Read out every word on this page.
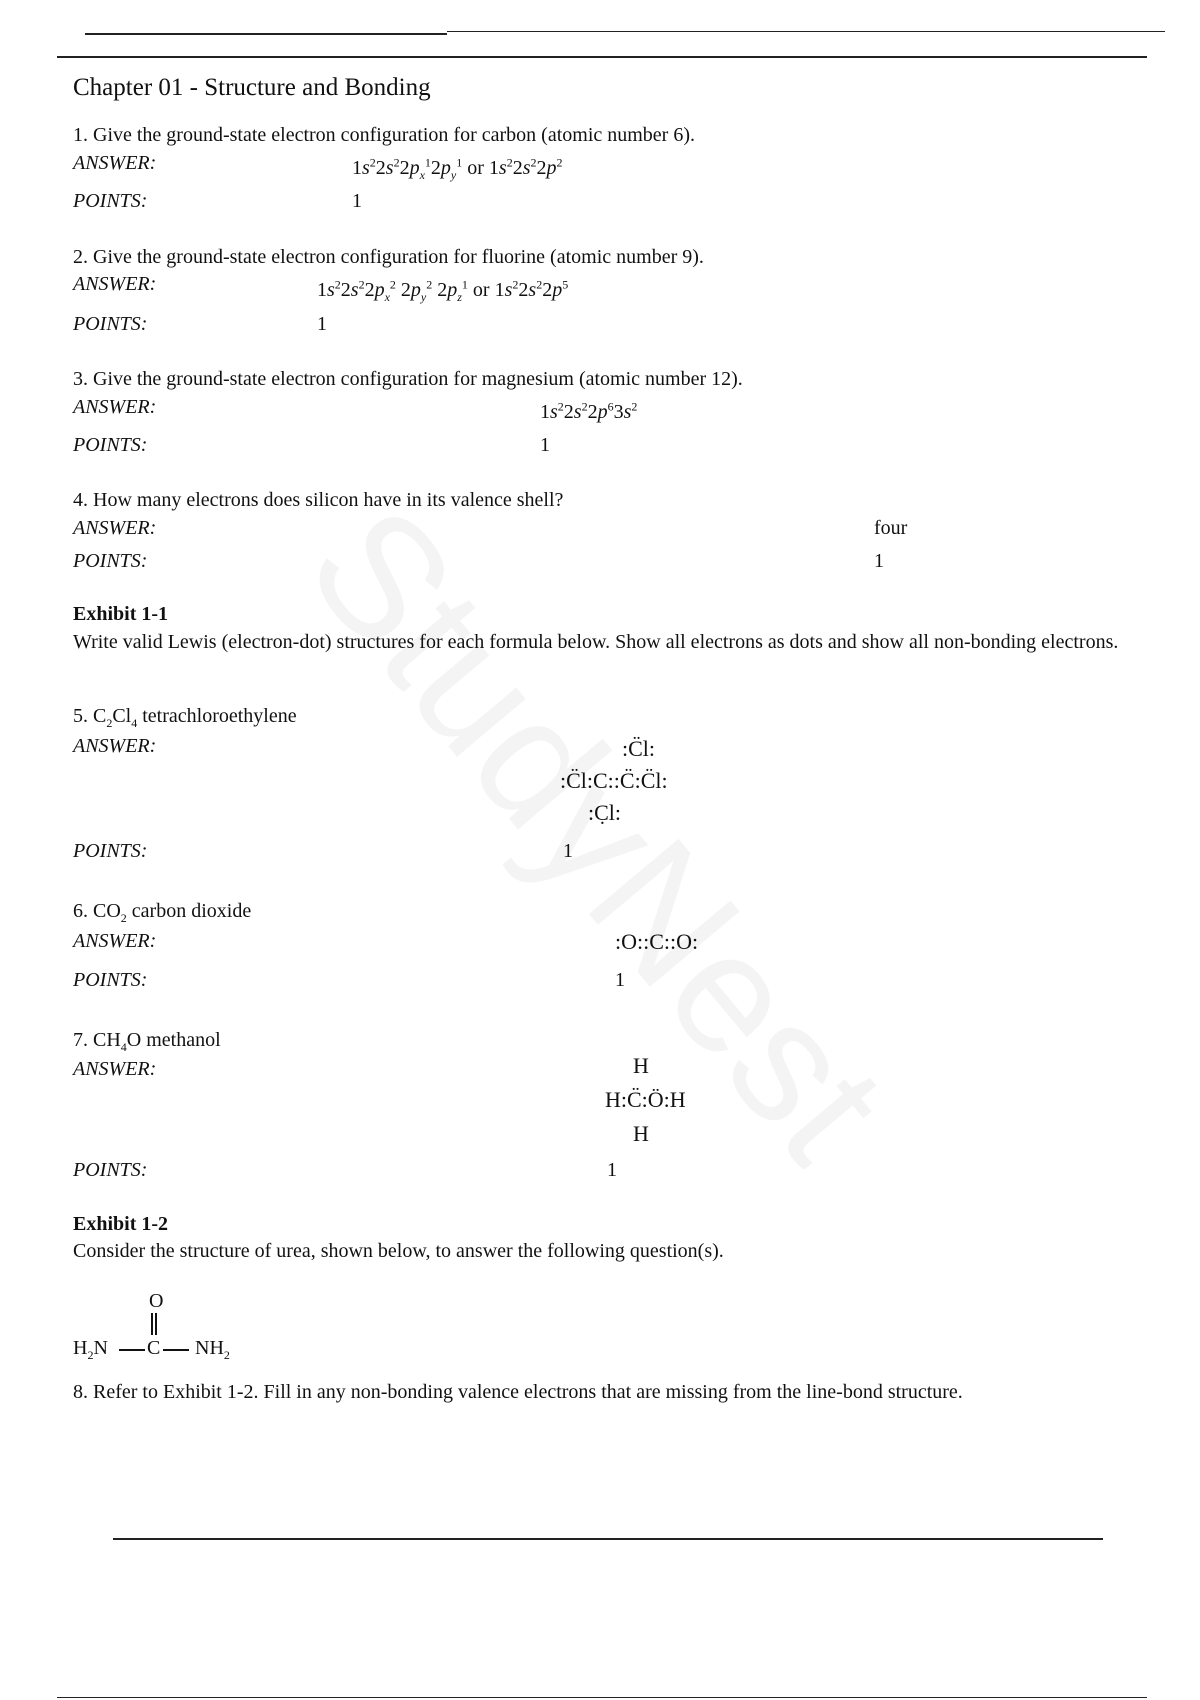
Chapter 01 - Structure and Bonding
1. Give the ground-state electron configuration for carbon (atomic number 6).
ANSWER:	$1s^22s^22p_x^12p_y^1$ or $1s^22s^22p^2$
POINTS:	1
2. Give the ground-state electron configuration for fluorine (atomic number 9).
ANSWER:	$1s^22s^22p_x^2$ $2p_y^2$ $2p_z^1$ or $1s^22s^22p^5$
POINTS:	1
3. Give the ground-state electron configuration for magnesium (atomic number 12).
ANSWER:	$1s^22s^22p^63s^2$
POINTS:	1
4. How many electrons does silicon have in its valence shell?
ANSWER:	four
POINTS:	1
Exhibit 1-1
Write valid Lewis (electron-dot) structures for each formula below. Show all electrons as dots and show all non-bonding electrons.
5. $C_2Cl_4$ tetrachloroethylene
ANSWER:	:C̈l:
:C̈l:C::C̈:C̈l:
:C̣l:
POINTS:	1
6. $CO_2$ carbon dioxide
ANSWER:	:O::C::O:
POINTS:	1
7. $CH_4O$ methanol
ANSWER:	H
H:C̈:Ö:H
H
POINTS:	1
Exhibit 1-2
Consider the structure of urea, shown below, to answer the following question(s).
O
$H_2N$ C $NH_2$
8. Refer to Exhibit 1-2. Fill in any non-bonding valence electrons that are missing from the line-bond structure.
